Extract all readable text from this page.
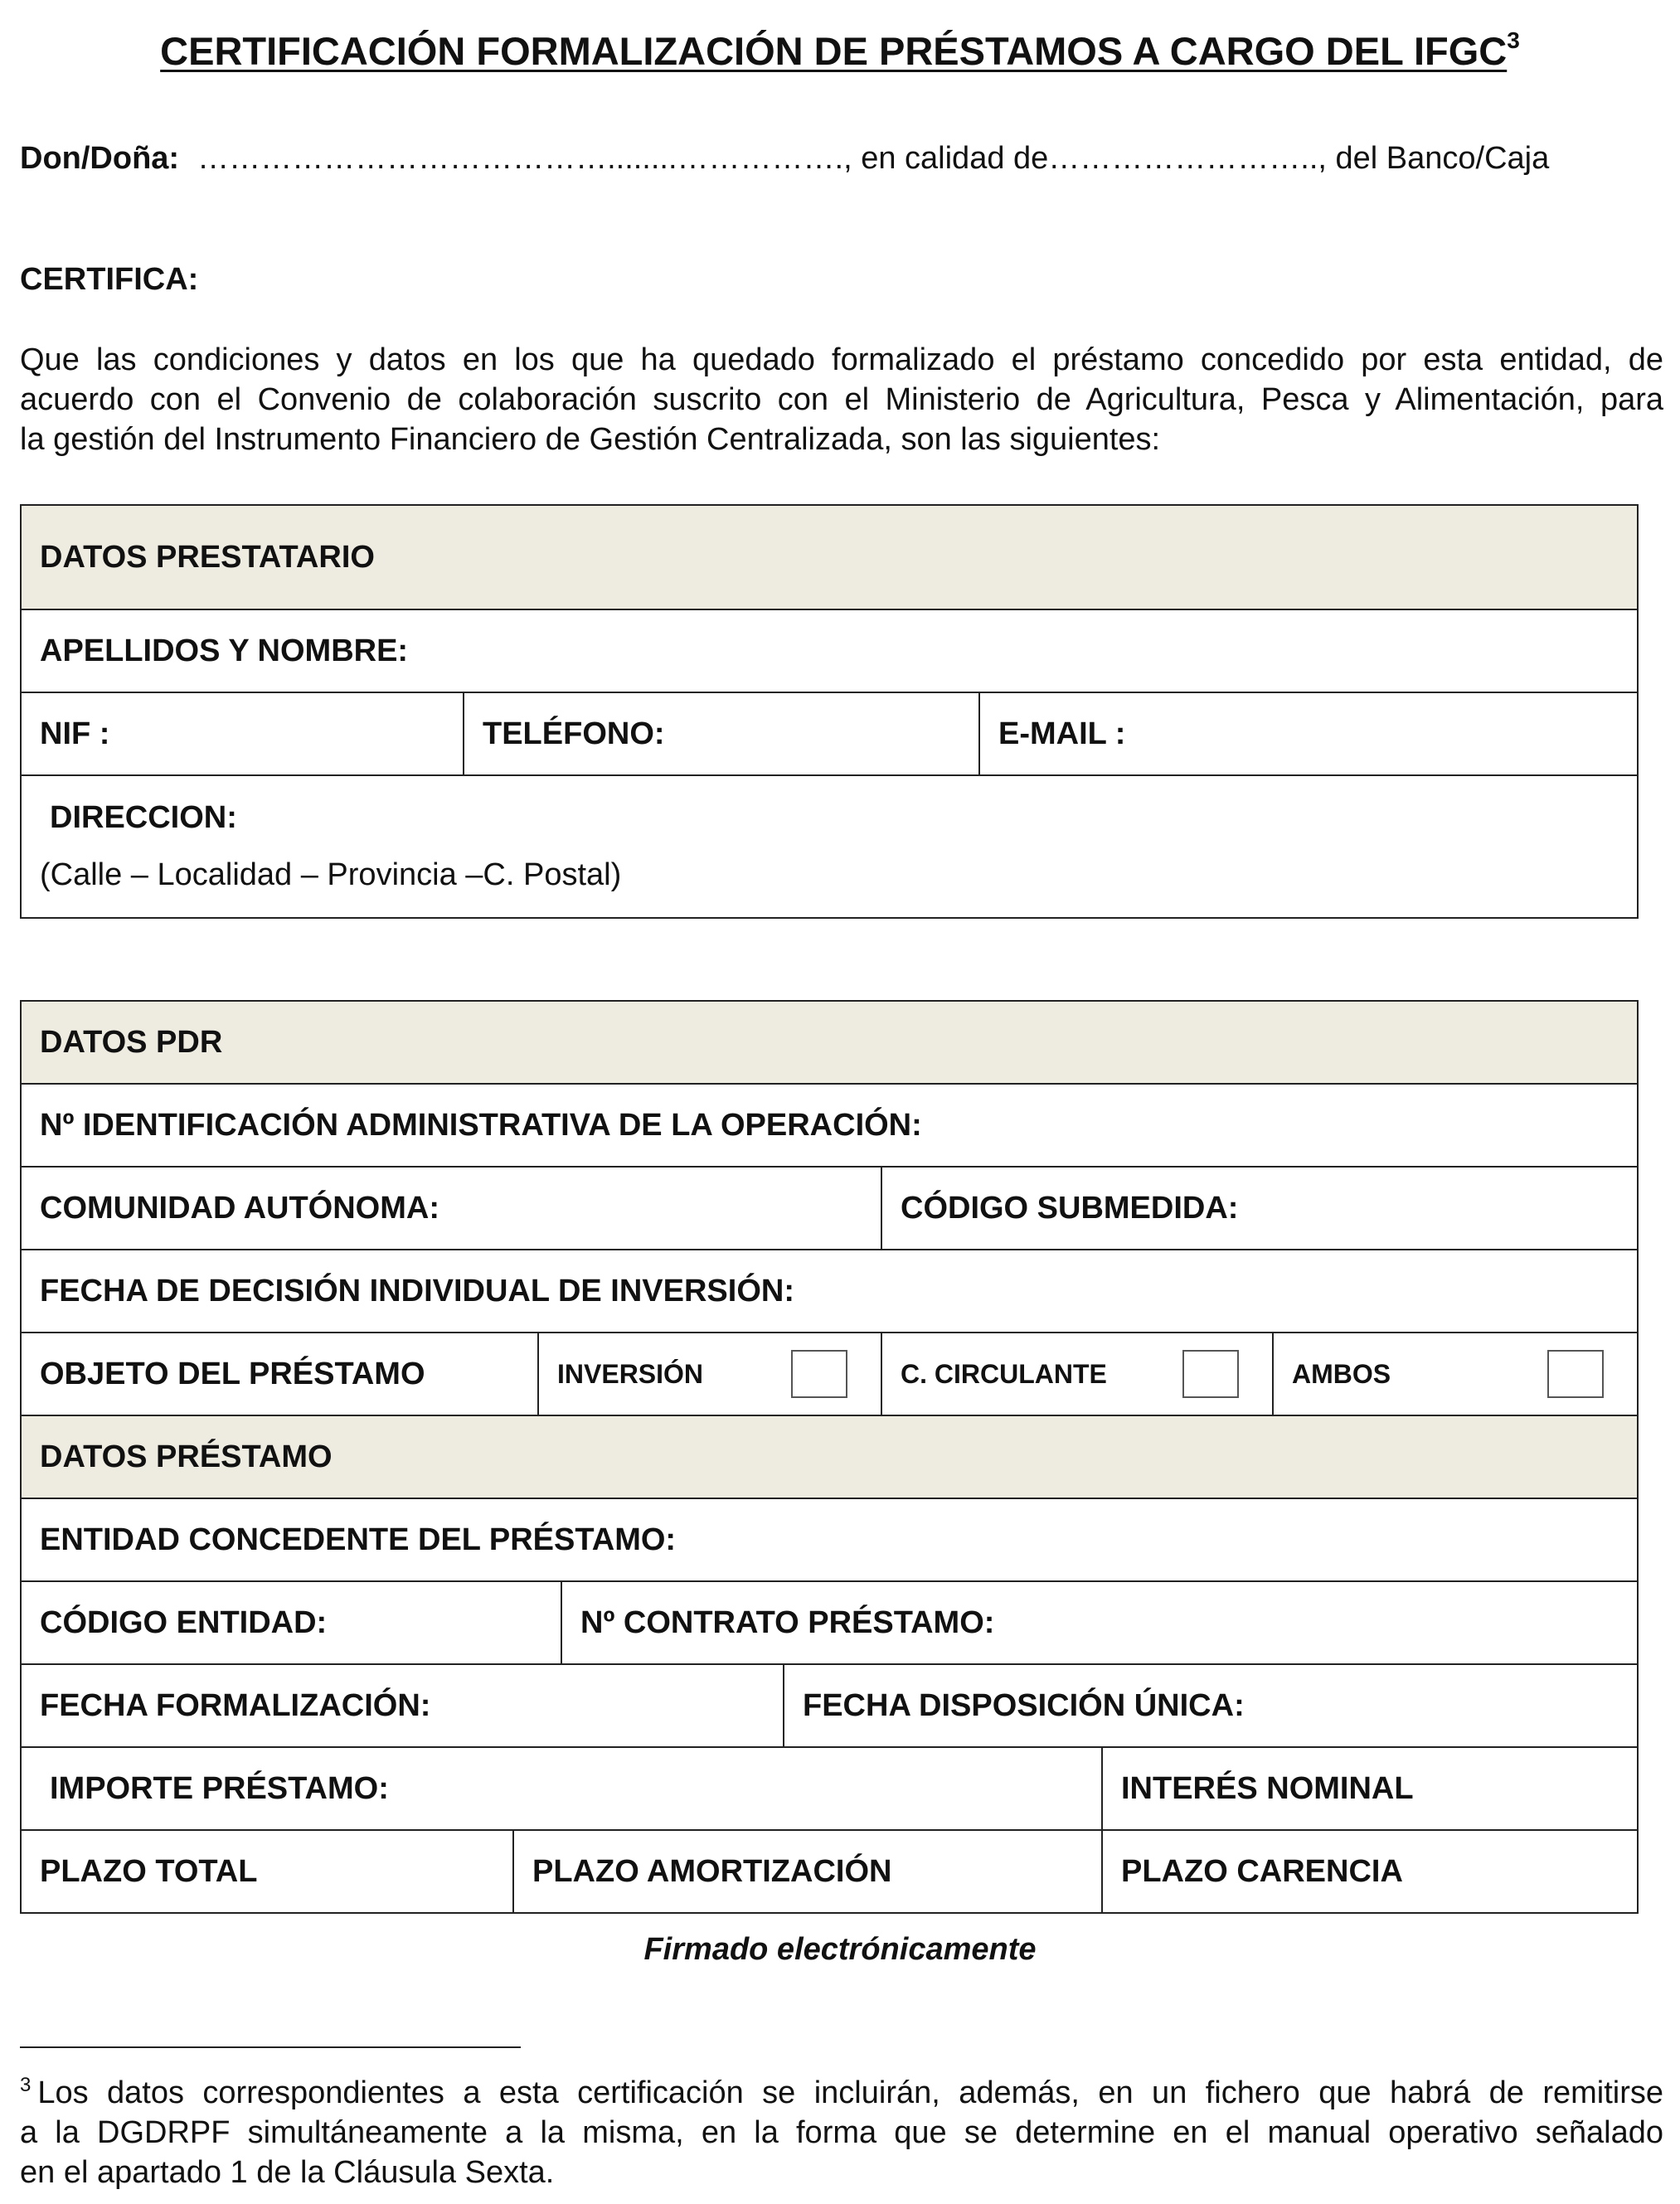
CERTIFICACIÓN FORMALIZACIÓN DE PRÉSTAMOS A CARGO DEL IFGC$^3$
Don/Doña: …………………………………........……………., en calidad de…………………….., del Banco/Caja
CERTIFICA:
Que las condiciones y datos en los que ha quedado formalizado el préstamo concedido por esta entidad, de
acuerdo con el Convenio de colaboración suscrito con el Ministerio de Agricultura, Pesca y Alimentación, para
la gestión del Instrumento Financiero de Gestión Centralizada, son las siguientes:
DATOS PRESTATARIO
APELLIDOS Y NOMBRE:
NIF :	TELÉFONO:	E-MAIL :
DIRECCION:
(Calle – Localidad – Provincia –C. Postal)
DATOS PDR
Nº IDENTIFICACIÓN ADMINISTRATIVA DE LA OPERACIÓN:
COMUNIDAD AUTÓNOMA:	CÓDIGO SUBMEDIDA:
FECHA DE DECISIÓN INDIVIDUAL DE INVERSIÓN:
OBJETO DEL PRÉSTAMO	INVERSIÓN	C. CIRCULANTE	AMBOS
DATOS PRÉSTAMO
ENTIDAD CONCEDENTE DEL PRÉSTAMO:
CÓDIGO ENTIDAD:	Nº CONTRATO PRÉSTAMO:
FECHA FORMALIZACIÓN:	FECHA DISPOSICIÓN ÚNICA:
IMPORTE PRÉSTAMO:	INTERÉS NOMINAL
PLAZO TOTAL	PLAZO AMORTIZACIÓN	PLAZO CARENCIA
Firmado electrónicamente
$^3$ Los datos correspondientes a esta certificación se incluirán, además, en un fichero que habrá de remitirse
a la DGDRPF simultáneamente a la misma, en la forma que se determine en el manual operativo señalado
en el apartado 1 de la Cláusula Sexta.
